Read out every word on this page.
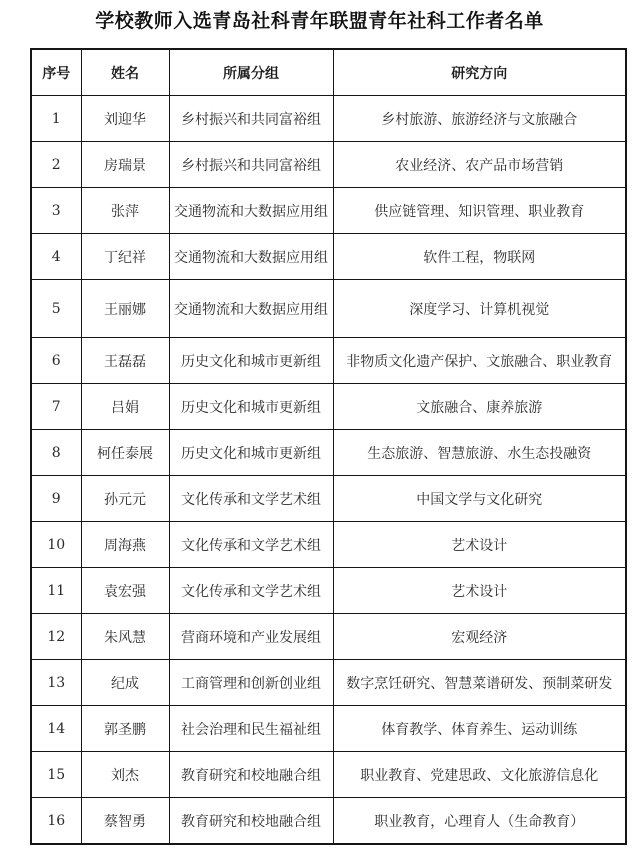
学校教师入选青岛社科青年联盟青年社科工作者名单
序号	姓名	所属分组	研究方向
1	刘迎华	乡村振兴和共同富裕组	乡村旅游、旅游经济与文旅融合
2	房瑞景	乡村振兴和共同富裕组	农业经济、农产品市场营销
3	张萍	交通物流和大数据应用组	供应链管理、知识管理、职业教育
4	丁纪祥	交通物流和大数据应用组	软件工程，物联网
5	王丽娜	交通物流和大数据应用组	深度学习、计算机视觉
6	王磊磊	历史文化和城市更新组	非物质文化遗产保护、文旅融合、职业教育
7	吕娟	历史文化和城市更新组	文旅融合、康养旅游
8	柯任泰展	历史文化和城市更新组	生态旅游、智慧旅游、水生态投融资
9	孙元元	文化传承和文学艺术组	中国文学与文化研究
10	周海燕	文化传承和文学艺术组	艺术设计
11	袁宏强	文化传承和文学艺术组	艺术设计
12	朱风慧	营商环境和产业发展组	宏观经济
13	纪成	工商管理和创新创业组	数字烹饪研究、智慧菜谱研发、预制菜研发
14	郭圣鹏	社会治理和民生福祉组	体育教学、体育养生、运动训练
15	刘杰	教育研究和校地融合组	职业教育、党建思政、文化旅游信息化
16	蔡智勇	教育研究和校地融合组	职业教育，心理育人（生命教育）
